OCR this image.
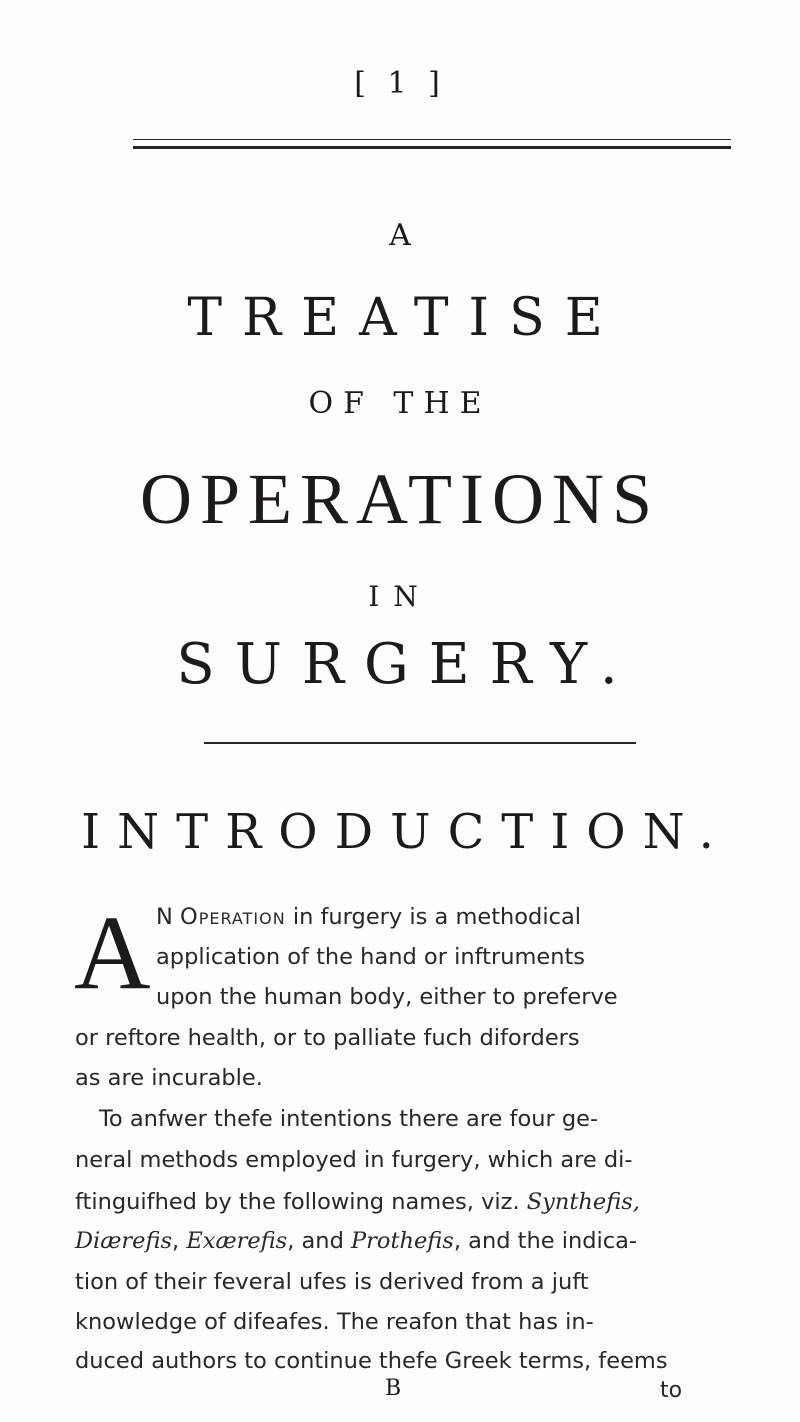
[ 1 ]
A
TREATISE
OF THE
OPERATIONS
IN
SURGERY.
INTRODUCTION.
A N Operation in furgery is a methodical
application of the hand or inftruments
upon the human body, either to preferve
or reftore health, or to palliate fuch diforders
as are incurable.
To anfwer thefe intentions there are four ge-
neral methods employed in furgery, which are di-
ftinguifhed by the following names, viz. Synthefis,
Diærefis, Exærefis, and Prothefis, and the indica-
tion of their feveral ufes is derived from a juft
knowledge of difeafes. The reafon that has in-
duced authors to continue thefe Greek terms, feems
B	to
